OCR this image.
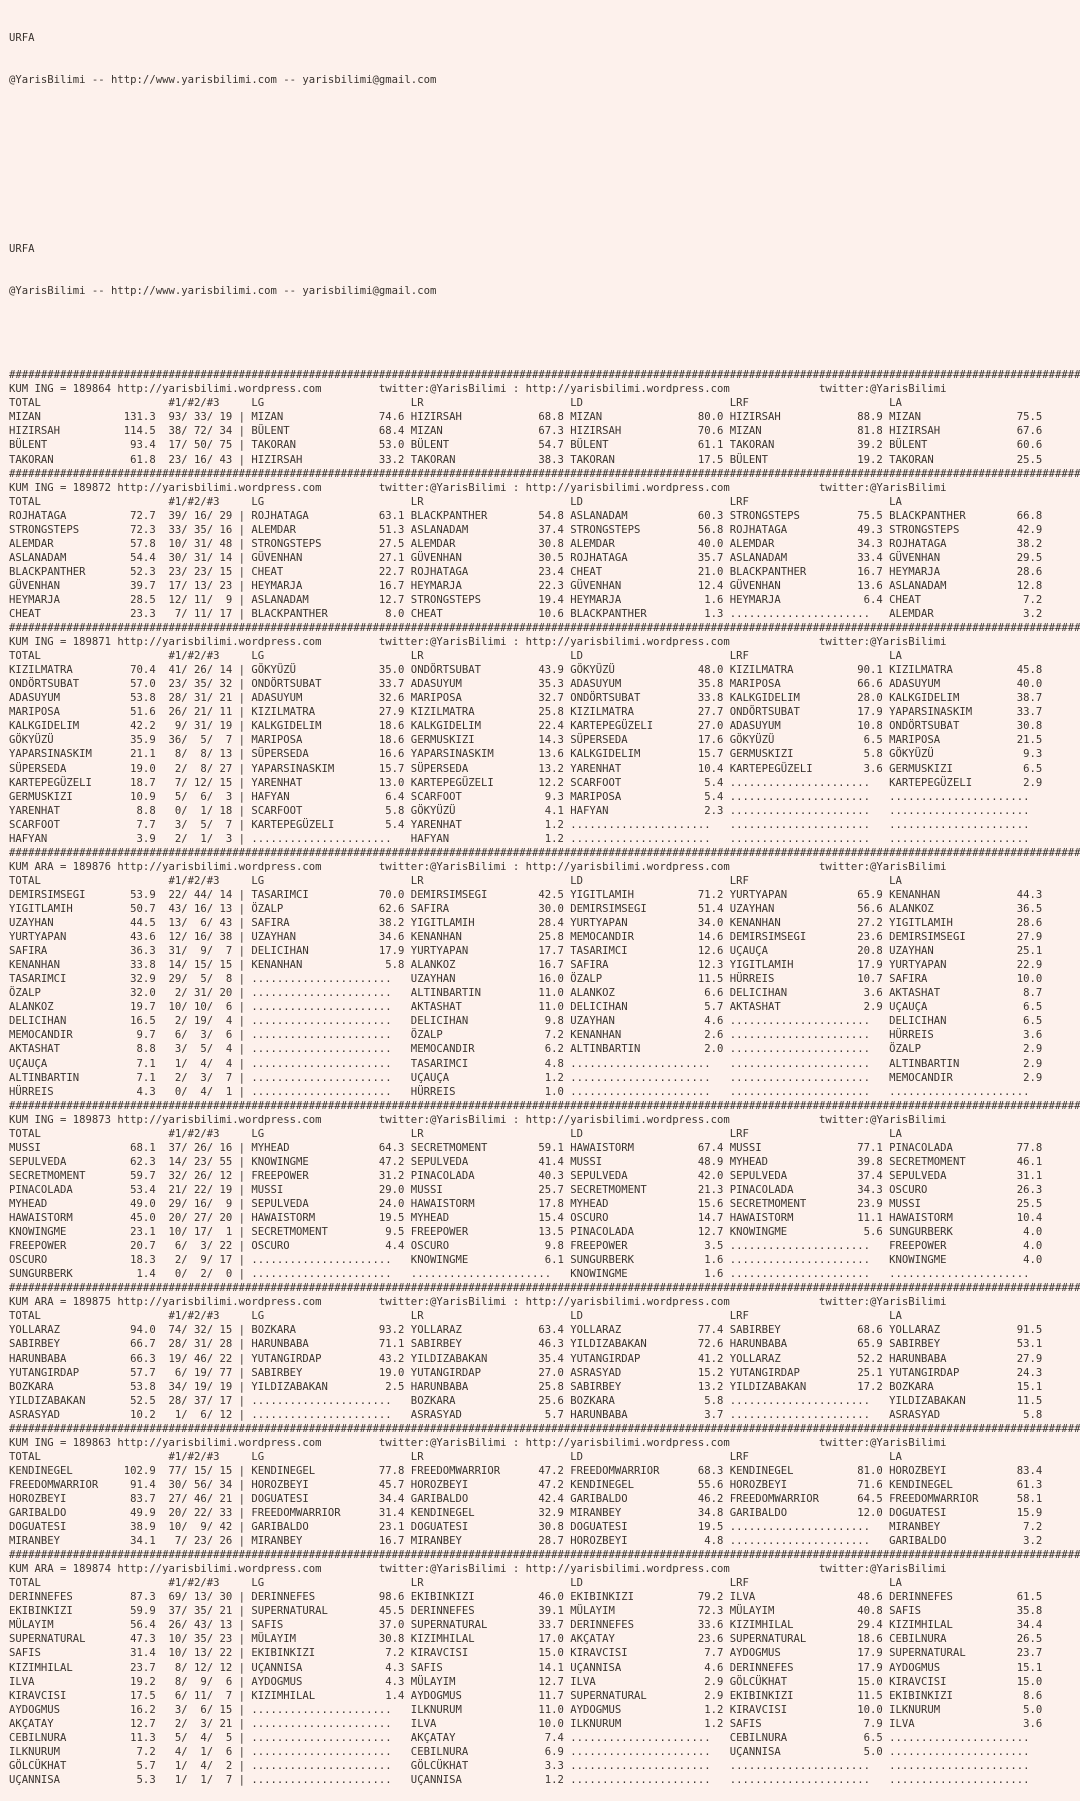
URFA

@YarisBilimi -- http://www.yarisbilimi.com -- yarisbilimi@gmail.com

URFA

@YarisBilimi -- http://www.yarisbilimi.com -- yarisbilimi@gmail.com

########################################################################################################################################################################
KUM ING = 189864 http://yarisbilimi.wordpress.com         twitter:@YarisBilimi : http://yarisbilimi.wordpress.com              twitter:@YarisBilimi
TOTAL                    #1/#2/#3     LG                       LR                       LD                       LRF                      LA
MIZAN             131.3  93/ 33/ 19 | MIZAN               74.6 HIZIRSAH            68.8 MIZAN               80.0 HIZIRSAH            88.9 MIZAN               75.5
HIZIRSAH          114.5  38/ 72/ 34 | BÜLENT              68.4 MIZAN               67.3 HIZIRSAH            70.6 MIZAN               81.8 HIZIRSAH            67.6
BÜLENT             93.4  17/ 50/ 75 | TAKORAN             53.0 BÜLENT              54.7 BÜLENT              61.1 TAKORAN             39.2 BÜLENT              60.6
TAKORAN            61.8  23/ 16/ 43 | HIZIRSAH            33.2 TAKORAN             38.3 TAKORAN             17.5 BÜLENT              19.2 TAKORAN             25.5
########################################################################################################################################################################
KUM ING = 189872 http://yarisbilimi.wordpress.com         twitter:@YarisBilimi : http://yarisbilimi.wordpress.com              twitter:@YarisBilimi
TOTAL                    #1/#2/#3     LG                       LR                       LD                       LRF                      LA
ROJHATAGA          72.7  39/ 16/ 29 | ROJHATAGA           63.1 BLACKPANTHER        54.8 ASLANADAM           60.3 STRONGSTEPS         75.5 BLACKPANTHER        66.8
STRONGSTEPS        72.3  33/ 35/ 16 | ALEMDAR             51.3 ASLANADAM           37.4 STRONGSTEPS         56.8 ROJHATAGA           49.3 STRONGSTEPS         42.9
ALEMDAR            57.8  10/ 31/ 48 | STRONGSTEPS         27.5 ALEMDAR             30.8 ALEMDAR             40.0 ALEMDAR             34.3 ROJHATAGA           38.2
ASLANADAM          54.4  30/ 31/ 14 | GÜVENHAN            27.1 GÜVENHAN            30.5 ROJHATAGA           35.7 ASLANADAM           33.4 GÜVENHAN            29.5
BLACKPANTHER       52.3  23/ 23/ 15 | CHEAT               22.7 ROJHATAGA           23.4 CHEAT               21.0 BLACKPANTHER        16.7 HEYMARJA            28.6
GÜVENHAN           39.7  17/ 13/ 23 | HEYMARJA            16.7 HEYMARJA            22.3 GÜVENHAN            12.4 GÜVENHAN            13.6 ASLANADAM           12.8
HEYMARJA           28.5  12/ 11/  9 | ASLANADAM           12.7 STRONGSTEPS         19.4 HEYMARJA             1.6 HEYMARJA             6.4 CHEAT                7.2
CHEAT              23.3   7/ 11/ 17 | BLACKPANTHER         8.0 CHEAT               10.6 BLACKPANTHER         1.3 ......................   ALEMDAR              3.2
########################################################################################################################################################################
KUM ING = 189871 http://yarisbilimi.wordpress.com         twitter:@YarisBilimi : http://yarisbilimi.wordpress.com              twitter:@YarisBilimi
TOTAL                    #1/#2/#3     LG                       LR                       LD                       LRF                      LA
KIZILMATRA         70.4  41/ 26/ 14 | GÖKYÜZÜ             35.0 ONDÖRTSUBAT         43.9 GÖKYÜZÜ             48.0 KIZILMATRA          90.1 KIZILMATRA          45.8
ONDÖRTSUBAT        57.0  23/ 35/ 32 | ONDÖRTSUBAT         33.7 ADASUYUM            35.3 ADASUYUM            35.8 MARIPOSA            66.6 ADASUYUM            40.0
ADASUYUM           53.8  28/ 31/ 21 | ADASUYUM            32.6 MARIPOSA            32.7 ONDÖRTSUBAT         33.8 KALKGIDELIM         28.0 KALKGIDELIM         38.7
MARIPOSA           51.6  26/ 21/ 11 | KIZILMATRA          27.9 KIZILMATRA          25.8 KIZILMATRA          27.7 ONDÖRTSUBAT         17.9 YAPARSINASKIM       33.7
KALKGIDELIM        42.2   9/ 31/ 19 | KALKGIDELIM         18.6 KALKGIDELIM         22.4 KARTEPEGÜZELI       27.0 ADASUYUM            10.8 ONDÖRTSUBAT         30.8
GÖKYÜZÜ            35.9  36/  5/  7 | MARIPOSA            18.6 GERMUSKIZI          14.3 SÜPERSEDA           17.6 GÖKYÜZÜ              6.5 MARIPOSA            21.5
YAPARSINASKIM      21.1   8/  8/ 13 | SÜPERSEDA           16.6 YAPARSINASKIM       13.6 KALKGIDELIM         15.7 GERMUSKIZI           5.8 GÖKYÜZÜ              9.3
SÜPERSEDA          19.0   2/  8/ 27 | YAPARSINASKIM       15.7 SÜPERSEDA           13.2 YARENHAT            10.4 KARTEPEGÜZELI        3.6 GERMUSKIZI           6.5
KARTEPEGÜZELI      18.7   7/ 12/ 15 | YARENHAT            13.0 KARTEPEGÜZELI       12.2 SCARFOOT             5.4 ......................   KARTEPEGÜZELI        2.9
GERMUSKIZI         10.9   5/  6/  3 | HAFYAN               6.4 SCARFOOT             9.3 MARIPOSA             5.4 ......................   ......................
YARENHAT            8.8   0/  1/ 18 | SCARFOOT             5.8 GÖKYÜZÜ              4.1 HAFYAN               2.3 ......................   ......................
SCARFOOT            7.7   3/  5/  7 | KARTEPEGÜZELI        5.4 YARENHAT             1.2 ......................   ......................   ......................
HAFYAN              3.9   2/  1/  3 | ......................   HAFYAN               1.2 ......................   ......................   ......................
########################################################################################################################################################################
KUM ARA = 189876 http://yarisbilimi.wordpress.com         twitter:@YarisBilimi : http://yarisbilimi.wordpress.com              twitter:@YarisBilimi
TOTAL                    #1/#2/#3     LG                       LR                       LD                       LRF                      LA
DEMIRSIMSEGI       53.9  22/ 44/ 14 | TASARIMCI           70.0 DEMIRSIMSEGI        42.5 YIGITLAMIH          71.2 YURTYAPAN           65.9 KENANHAN            44.3
YIGITLAMIH         50.7  43/ 16/ 13 | ÖZALP               62.6 SAFIRA              30.0 DEMIRSIMSEGI        51.4 UZAYHAN             56.6 ALANKOZ             36.5
UZAYHAN            44.5  13/  6/ 43 | SAFIRA              38.2 YIGITLAMIH          28.4 YURTYAPAN           34.0 KENANHAN            27.2 YIGITLAMIH          28.6
YURTYAPAN          43.6  12/ 16/ 38 | UZAYHAN             34.6 KENANHAN            25.8 MEMOCANDIR          14.6 DEMIRSIMSEGI        23.6 DEMIRSIMSEGI        27.9
SAFIRA             36.3  31/  9/  7 | DELICIHAN           17.9 YURTYAPAN           17.7 TASARIMCI           12.6 UÇAUÇA              20.8 UZAYHAN             25.1
KENANHAN           33.8  14/ 15/ 15 | KENANHAN             5.8 ALANKOZ             16.7 SAFIRA              12.3 YIGITLAMIH          17.9 YURTYAPAN           22.9
TASARIMCI          32.9  29/  5/  8 | ......................   UZAYHAN             16.0 ÖZALP               11.5 HÜRREIS             10.7 SAFIRA              10.0
ÖZALP              32.0   2/ 31/ 20 | ......................   ALTINBARTIN         11.0 ALANKOZ              6.6 DELICIHAN            3.6 AKTASHAT             8.7
ALANKOZ            19.7  10/ 10/  6 | ......................   AKTASHAT            11.0 DELICIHAN            5.7 AKTASHAT             2.9 UÇAUÇA               6.5
DELICIHAN          16.5   2/ 19/  4 | ......................   DELICIHAN            9.8 UZAYHAN              4.6 ......................   DELICIHAN            6.5
MEMOCANDIR          9.7   6/  3/  6 | ......................   ÖZALP                7.2 KENANHAN             2.6 ......................   HÜRREIS              3.6
AKTASHAT            8.8   3/  5/  4 | ......................   MEMOCANDIR           6.2 ALTINBARTIN          2.0 ......................   ÖZALP                2.9
UÇAUÇA              7.1   1/  4/  4 | ......................   TASARIMCI            4.8 ......................   ......................   ALTINBARTIN          2.9
ALTINBARTIN         7.1   2/  3/  7 | ......................   UÇAUÇA               1.2 ......................   ......................   MEMOCANDIR           2.9
HÜRREIS             4.3   0/  4/  1 | ......................   HÜRREIS              1.0 ......................   ......................   ......................
########################################################################################################################################################################
KUM ING = 189873 http://yarisbilimi.wordpress.com         twitter:@YarisBilimi : http://yarisbilimi.wordpress.com              twitter:@YarisBilimi
TOTAL                    #1/#2/#3     LG                       LR                       LD                       LRF                      LA
MUSSI              68.1  37/ 26/ 16 | MYHEAD              64.3 SECRETMOMENT        59.1 HAWAISTORM          67.4 MUSSI               77.1 PINACOLADA          77.8
SEPULVEDA          62.3  14/ 23/ 55 | KNOWINGME           47.2 SEPULVEDA           41.4 MUSSI               48.9 MYHEAD              39.8 SECRETMOMENT        46.1
SECRETMOMENT       59.7  32/ 26/ 12 | FREEPOWER           31.2 PINACOLADA          40.3 SEPULVEDA           42.0 SEPULVEDA           37.4 SEPULVEDA           31.1
PINACOLADA         53.4  21/ 22/ 19 | MUSSI               29.0 MUSSI               25.7 SECRETMOMENT        21.3 PINACOLADA          34.3 OSCURO              26.3
MYHEAD             49.0  29/ 16/  9 | SEPULVEDA           24.0 HAWAISTORM          17.8 MYHEAD              15.6 SECRETMOMENT        23.9 MUSSI               25.5
HAWAISTORM         45.0  20/ 27/ 20 | HAWAISTORM          19.5 MYHEAD              15.4 OSCURO              14.7 HAWAISTORM          11.1 HAWAISTORM          10.4
KNOWINGME          23.1  10/ 17/  1 | SECRETMOMENT         9.5 FREEPOWER           13.5 PINACOLADA          12.7 KNOWINGME            5.6 SUNGURBERK           4.0
FREEPOWER          20.7   6/  3/ 22 | OSCURO               4.4 OSCURO               9.8 FREEPOWER            3.5 ......................   FREEPOWER            4.0
OSCURO             18.3   2/  9/ 17 | ......................   KNOWINGME            6.1 SUNGURBERK           1.6 ......................   KNOWINGME            4.0
SUNGURBERK          1.4   0/  2/  0 | ......................   ......................   KNOWINGME            1.6 ......................   ......................
########################################################################################################################################################################
KUM ARA = 189875 http://yarisbilimi.wordpress.com         twitter:@YarisBilimi : http://yarisbilimi.wordpress.com              twitter:@YarisBilimi
TOTAL                    #1/#2/#3     LG                       LR                       LD                       LRF                      LA
YOLLARAZ           94.0  74/ 32/ 15 | BOZKARA             93.2 YOLLARAZ            63.4 YOLLARAZ            77.4 SABIRBEY            68.6 YOLLARAZ            91.5
SABIRBEY           66.7  28/ 31/ 28 | HARUNBABA           71.1 SABIRBEY            46.3 YILDIZABAKAN        72.6 HARUNBABA           65.9 SABIRBEY            53.1
HARUNBABA          66.3  19/ 46/ 22 | YUTANGIRDAP         43.2 YILDIZABAKAN        35.4 YUTANGIRDAP         41.2 YOLLARAZ            52.2 HARUNBABA           27.9
YUTANGIRDAP        57.7   6/ 19/ 77 | SABIRBEY            19.0 YUTANGIRDAP         27.0 ASRASYAD            15.2 YUTANGIRDAP         25.1 YUTANGIRDAP         24.3
BOZKARA            53.8  34/ 19/ 19 | YILDIZABAKAN         2.5 HARUNBABA           25.8 SABIRBEY            13.2 YILDIZABAKAN        17.2 BOZKARA             15.1
YILDIZABAKAN       52.5  28/ 37/ 17 | ......................   BOZKARA             25.6 BOZKARA              5.8 ......................   YILDIZABAKAN        11.5
ASRASYAD           10.2   1/  6/ 12 | ......................   ASRASYAD             5.7 HARUNBABA            3.7 ......................   ASRASYAD             5.8
########################################################################################################################################################################
KUM ING = 189863 http://yarisbilimi.wordpress.com         twitter:@YarisBilimi : http://yarisbilimi.wordpress.com              twitter:@YarisBilimi
TOTAL                    #1/#2/#3     LG                       LR                       LD                       LRF                      LA
KENDINEGEL        102.9  77/ 15/ 15 | KENDINEGEL          77.8 FREEDOMWARRIOR      47.2 FREEDOMWARRIOR      68.3 KENDINEGEL          81.0 HOROZBEYI           83.4
FREEDOMWARRIOR     91.4  30/ 56/ 34 | HOROZBEYI           45.7 HOROZBEYI           47.2 KENDINEGEL          55.6 HOROZBEYI           71.6 KENDINEGEL          61.3
HOROZBEYI          83.7  27/ 46/ 21 | DOGUATESI           34.4 GARIBALDO           42.4 GARIBALDO           46.2 FREEDOMWARRIOR      64.5 FREEDOMWARRIOR      58.1
GARIBALDO          49.9  20/ 22/ 33 | FREEDOMWARRIOR      31.4 KENDINEGEL          32.9 MIRANBEY            34.8 GARIBALDO           12.0 DOGUATESI           15.9
DOGUATESI          38.9  10/  9/ 42 | GARIBALDO           23.1 DOGUATESI           30.8 DOGUATESI           19.5 ......................   MIRANBEY             7.2
MIRANBEY           34.1   7/ 23/ 26 | MIRANBEY            16.7 MIRANBEY            28.7 HOROZBEYI            4.8 ......................   GARIBALDO            3.2
########################################################################################################################################################################
KUM ARA = 189874 http://yarisbilimi.wordpress.com         twitter:@YarisBilimi : http://yarisbilimi.wordpress.com              twitter:@YarisBilimi
TOTAL                    #1/#2/#3     LG                       LR                       LD                       LRF                      LA
DERINNEFES         87.3  69/ 13/ 30 | DERINNEFES          98.6 EKIBINKIZI          46.0 EKIBINKIZI          79.2 ILVA                48.6 DERINNEFES          61.5
EKIBINKIZI         59.9  37/ 35/ 21 | SUPERNATURAL        45.5 DERINNEFES          39.1 MÜLAYIM             72.3 MÜLAYIM             40.8 SAFIS               35.8
MÜLAYIM            56.4  26/ 43/ 13 | SAFIS               37.0 SUPERNATURAL        33.7 DERINNEFES          33.6 KIZIMHILAL          29.4 KIZIMHILAL          34.4
SUPERNATURAL       47.3  10/ 35/ 23 | MÜLAYIM             30.8 KIZIMHILAL          17.0 AKÇATAY             23.6 SUPERNATURAL        18.6 CEBILNURA           26.5
SAFIS              31.4  10/ 13/ 22 | EKIBINKIZI           7.2 KIRAVCISI           15.0 KIRAVCISI            7.7 AYDOGMUS            17.9 SUPERNATURAL        23.7
KIZIMHILAL         23.7   8/ 12/ 12 | UÇANNISA             4.3 SAFIS               14.1 UÇANNISA             4.6 DERINNEFES          17.9 AYDOGMUS            15.1
ILVA               19.2   8/  9/  6 | AYDOGMUS             4.3 MÜLAYIM             12.7 ILVA                 2.9 GÖLCÜKHAT           15.0 KIRAVCISI           15.0
KIRAVCISI          17.5   6/ 11/  7 | KIZIMHILAL           1.4 AYDOGMUS            11.7 SUPERNATURAL         2.9 EKIBINKIZI          11.5 EKIBINKIZI           8.6
AYDOGMUS           16.2   3/  6/ 15 | ......................   ILKNURUM            11.0 AYDOGMUS             1.2 KIRAVCISI           10.0 ILKNURUM             5.0
AKÇATAY            12.7   2/  3/ 21 | ......................   ILVA                10.0 ILKNURUM             1.2 SAFIS                7.9 ILVA                 3.6
CEBILNURA          11.3   5/  4/  5 | ......................   AKÇATAY              7.4 ......................   CEBILNURA            6.5 ......................
ILKNURUM            7.2   4/  1/  6 | ......................   CEBILNURA            6.9 ......................   UÇANNISA             5.0 ......................
GÖLCÜKHAT           5.7   1/  4/  2 | ......................   GÖLCÜKHAT            3.3 ......................   ......................   ......................
UÇANNISA            5.3   1/  1/  7 | ......................   UÇANNISA             1.2 ......................   ......................   ......................
